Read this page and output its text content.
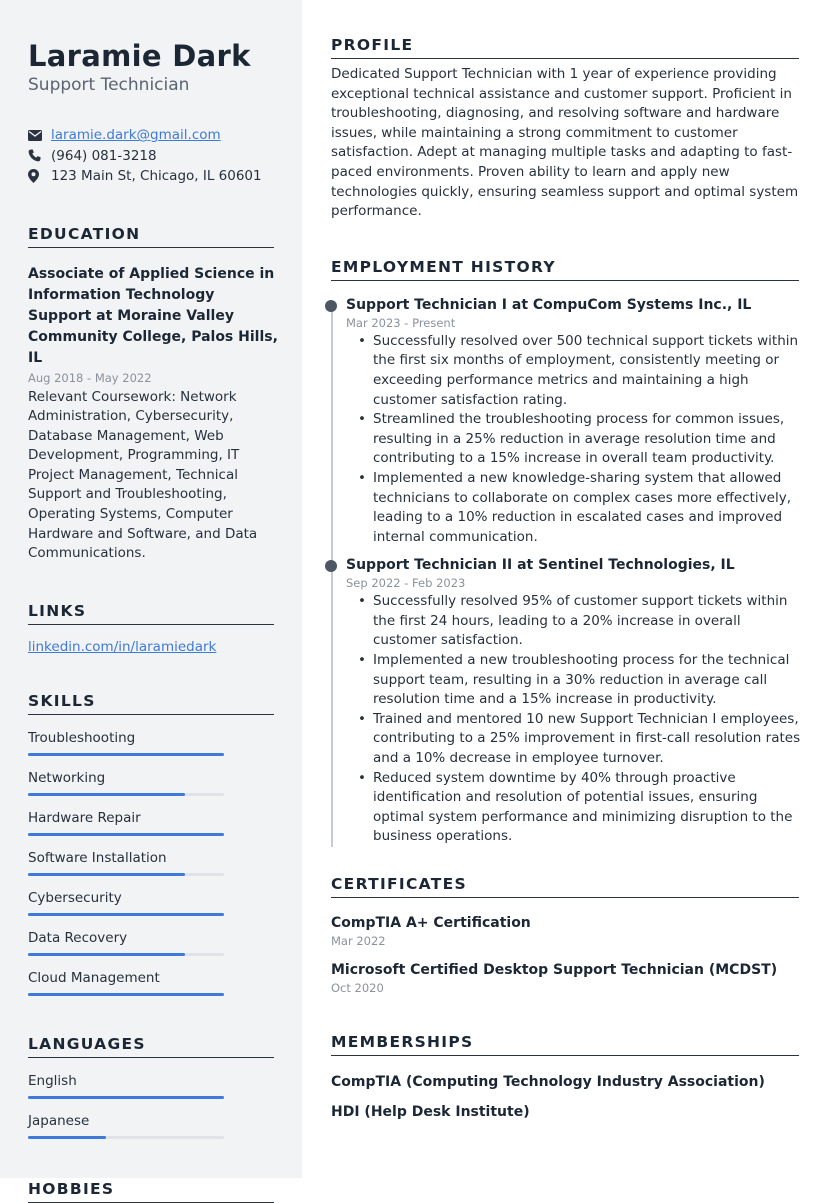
Laramie Dark
Support Technician
laramie.dark@gmail.com
(964) 081-3218
123 Main St, Chicago, IL 60601
EDUCATION
Associate of Applied Science in Information Technology Support at Moraine Valley Community College, Palos Hills, IL
Aug 2018 - May 2022
Relevant Coursework: Network Administration, Cybersecurity, Database Management, Web Development, Programming, IT Project Management, Technical Support and Troubleshooting, Operating Systems, Computer Hardware and Software, and Data Communications.
LINKS
linkedin.com/in/laramiedark
SKILLS
Troubleshooting
Networking
Hardware Repair
Software Installation
Cybersecurity
Data Recovery
Cloud Management
LANGUAGES
English
Japanese
HOBBIES
PROFILE

Dedicated Support Technician with 1 year of experience providing exceptional technical assistance and customer support. Proficient in troubleshooting, diagnosing, and resolving software and hardware issues, while maintaining a strong commitment to customer satisfaction. Adept at managing multiple tasks and adapting to fast-paced environments. Proven ability to learn and apply new technologies quickly, ensuring seamless support and optimal system performance.

EMPLOYMENT HISTORY
Support Technician I at CompuCom Systems Inc., IL
Mar 2023 - Present
• Successfully resolved over 500 technical support tickets within the first six months of employment, consistently meeting or exceeding performance metrics and maintaining a high customer satisfaction rating.
• Streamlined the troubleshooting process for common issues, resulting in a 25% reduction in average resolution time and contributing to a 15% increase in overall team productivity.
• Implemented a new knowledge-sharing system that allowed technicians to collaborate on complex cases more effectively, leading to a 10% reduction in escalated cases and improved internal communication.
Support Technician II at Sentinel Technologies, IL
Sep 2022 - Feb 2023
• Successfully resolved 95% of customer support tickets within the first 24 hours, leading to a 20% increase in overall customer satisfaction.
• Implemented a new troubleshooting process for the technical support team, resulting in a 30% reduction in average call resolution time and a 15% increase in productivity.
• Trained and mentored 10 new Support Technician I employees, contributing to a 25% improvement in first-call resolution rates and a 10% decrease in employee turnover.
• Reduced system downtime by 40% through proactive identification and resolution of potential issues, ensuring optimal system performance and minimizing disruption to the business operations.
CERTIFICATES
CompTIA A+ Certification
Mar 2022
Microsoft Certified Desktop Support Technician (MCDST)
Oct 2020
MEMBERSHIPS
CompTIA (Computing Technology Industry Association)
HDI (Help Desk Institute)
